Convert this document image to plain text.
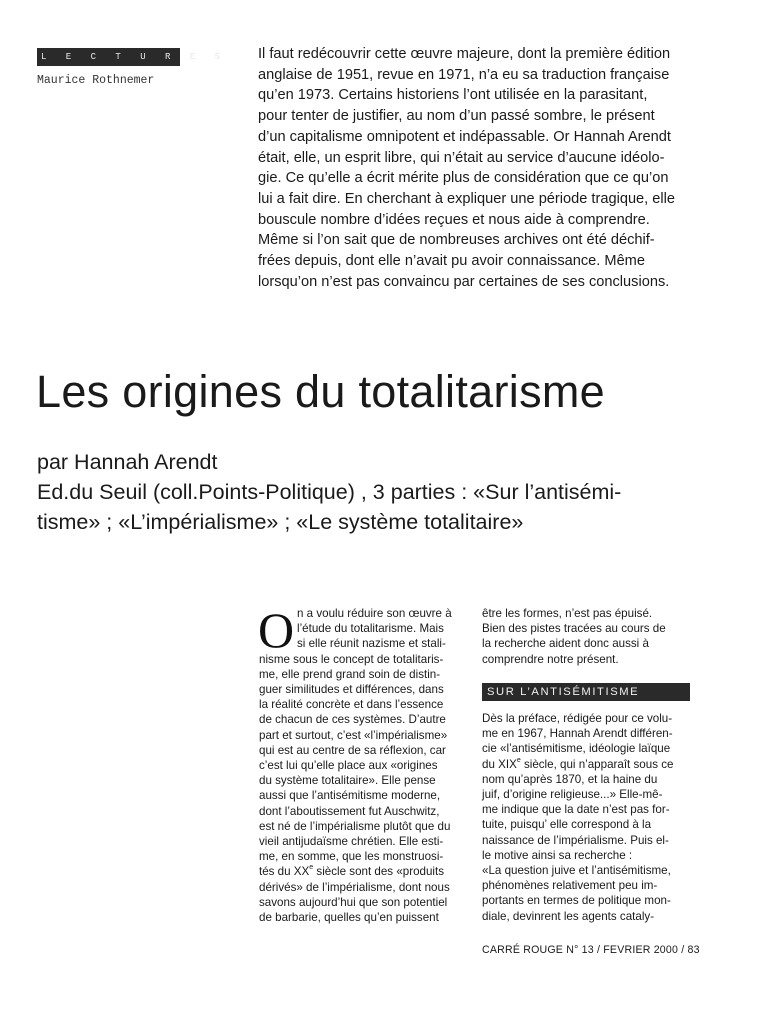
L E C T U R E S
Maurice Rothnemer
Il faut redécouvrir cette œuvre majeure, dont la première édition
anglaise de 1951, revue en 1971, n’a eu sa traduction française
qu’en 1973. Certains historiens l’ont utilisée en la parasitant,
pour tenter de justifier, au nom d’un passé sombre, le présent
d’un capitalisme omnipotent et indépassable. Or Hannah Arendt
était, elle, un esprit libre, qui n’était au service d’aucune idéolo-
gie. Ce qu’elle a écrit mérite plus de considération que ce qu’on
lui a fait dire. En cherchant à expliquer une période tragique, elle
bouscule nombre d’idées reçues et nous aide à comprendre.
Même si l’on sait que de nombreuses archives ont été déchif-
frées depuis, dont elle n’avait pu avoir connaissance. Même
lorsqu’on n’est pas convaincu par certaines de ses conclusions.
Les origines du totalitarisme
par Hannah Arendt
Ed.du Seuil (coll.Points-Politique) , 3 parties : «Sur l’antisémi-
tisme» ; «L’impérialisme» ; «Le système totalitaire»
O n a voulu réduire son œuvre à
l’étude du totalitarisme. Mais
si elle réunit nazisme et stali-
nisme sous le concept de totalitaris-
me, elle prend grand soin de distin-
guer similitudes et différences, dans
la réalité concrète et dans l’essence
de chacun de ces systèmes. D’autre
part et surtout, c’est «l’impérialisme»
qui est au centre de sa réflexion, car
c’est lui qu’elle place aux «origines
du système totalitaire». Elle pense
aussi que l’antisémitisme moderne,
dont l’aboutissement fut Auschwitz,
est né de l’impérialisme plutôt que du
vieil antijudaïsme chrétien. Elle esti-
me, en somme, que les monstruosi-
tés du XXe siècle sont des «produits
dérivés» de l’impérialisme, dont nous
savons aujourd’hui que son potentiel
de barbarie, quelles qu’en puissent
être les formes, n’est pas épuisé.
Bien des pistes tracées au cours de
la recherche aident donc aussi à
comprendre notre présent.
SUR L’ANTISÉMITISME
Dès la préface, rédigée pour ce volu-
me en 1967, Hannah Arendt différen-
cie «l’antisémitisme, idéologie laïque
du XIXe siècle, qui n’apparaît sous ce
nom qu’après 1870, et la haine du
juif, d’origine religieuse...» Elle-mê-
me indique que la date n’est pas for-
tuite, puisqu’ elle correspond à la
naissance de l’impérialisme. Puis el-
le motive ainsi sa recherche :
«La question juive et l’antisémitisme,
phénomènes relativement peu im-
portants en termes de politique mon-
diale, devinrent les agents cataly-
CARRÉ ROUGE N° 13 / FEVRIER 2000 / 83
